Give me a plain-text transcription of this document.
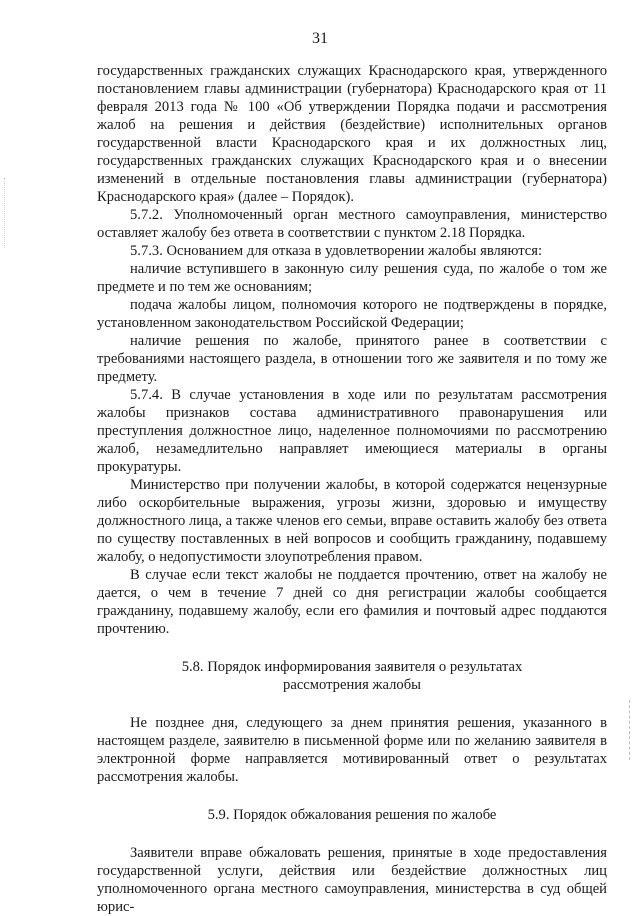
31

государственных гражданских служащих Краснодарского края, утвержденного постановлением главы администрации (губернатора) Краснодарского края от 11 февраля 2013 года № 100 «Об утверждении Порядка подачи и рассмотрения жалоб на решения и действия (бездействие) исполнительных органов государственной власти Краснодарского края и их должностных лиц, государственных гражданских служащих Краснодарского края и о внесении изменений в отдельные постановления главы администрации (губернатора) Краснодарского края» (далее – Порядок).

5.7.2. Уполномоченный орган местного самоуправления, министерство оставляет жалобу без ответа в соответствии с пунктом 2.18 Порядка.

5.7.3. Основанием для отказа в удовлетворении жалобы являются:

наличие вступившего в законную силу решения суда, по жалобе о том же предмете и по тем же основаниям;

подача жалобы лицом, полномочия которого не подтверждены в порядке, установленном законодательством Российской Федерации;

наличие решения по жалобе, принятого ранее в соответствии с требованиями настоящего раздела, в отношении того же заявителя и по тому же предмету.

5.7.4. В случае установления в ходе или по результатам рассмотрения жалобы признаков состава административного правонарушения или преступления должностное лицо, наделенное полномочиями по рассмотрению жалоб, незамедлительно направляет имеющиеся материалы в органы прокуратуры.

Министерство при получении жалобы, в которой содержатся нецензурные либо оскорбительные выражения, угрозы жизни, здоровью и имуществу должностного лица, а также членов его семьи, вправе оставить жалобу без ответа по существу поставленных в ней вопросов и сообщить гражданину, подавшему жалобу, о недопустимости злоупотребления правом.

В случае если текст жалобы не поддается прочтению, ответ на жалобу не дается, о чем в течение 7 дней со дня регистрации жалобы сообщается гражданину, подавшему жалобу, если его фамилия и почтовый адрес поддаются прочтению.

5.8. Порядок информирования заявителя о результатах
рассмотрения жалобы

Не позднее дня, следующего за днем принятия решения, указанного в настоящем разделе, заявителю в письменной форме или по желанию заявителя в электронной форме направляется мотивированный ответ о результатах рассмотрения жалобы.

5.9. Порядок обжалования решения по жалобе

Заявители вправе обжаловать решения, принятые в ходе предоставления государственной услуги, действия или бездействие должностных лиц уполномоченного органа местного самоуправления, министерства в суд общей юрис-
